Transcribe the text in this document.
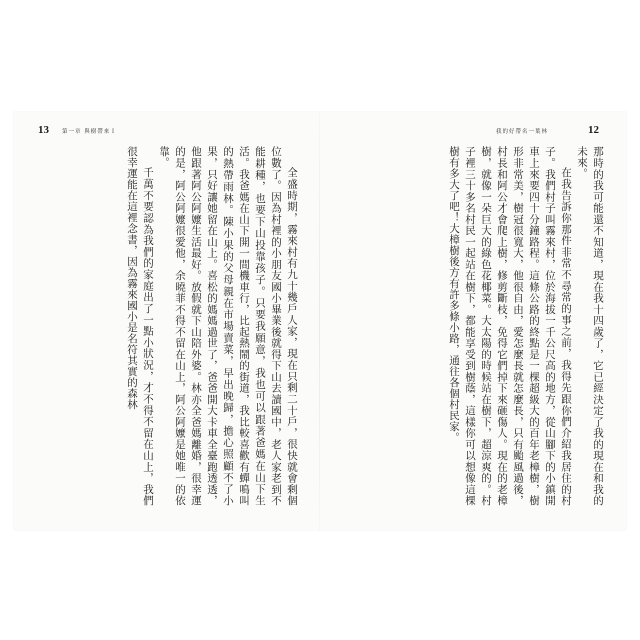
13 第一章 與樹帶來Ｉ

全盛時期，霧來村有九十幾戶人家，現在只剩二十戶，很快就會剩個位數了。因為村裡的小朋友國小畢業後就得下山去讀國中，老人家老到不能耕種，也要下山投靠孩子。只要我願意，我也可以跟著爸媽在山下生活。我爸媽在山下開一間機車行，比起熱鬧的街道，我比較喜歡有蟬鳴叫的熱帶雨林。陳小果的父母親在市場賣菜，早出晚歸，擔心照顧不了小果，只好讓她留在山上。喜松的媽媽過世了，爸爸開大卡車全臺跑透透，他跟著阿公阿嬤生活最好。放假就下山陪外婆。林亦全爸媽離婚，很幸運的是，阿公阿嬤很愛他，余曉菲不得不留在山上，阿公阿嬤是她唯一的依靠。

千萬不要認為我們的家庭出了一點小狀況，才不得不留在山上，我們很幸運能在這裡念書，因為霧來國小是名符其實的森林

我的好帶名一葉林	12

那時的我可能還不知道，現在我十四歲了，它已經決定了我的現在和我的未來。

在我告訴你那件非常不尋常的事之前，我得先跟你們介紹我居住的村子。我們村子叫霧來村，位於海拔一千公尺高的地方，從山腳下的小鎮開車上來要四十分鐘路程。這條公路的終點是一棵超級大的百年老樟樹，樹形非常美，樹冠很寬大，他很自由，愛怎麼長就怎麼長，只有颱風過後，村長和阿公才會爬上樹，修剪斷枝，免得它們掉下來砸傷人。現在的老樟樹，就像一朵巨大的綠色花椰菜。大太陽的時候站在樹下，超涼爽的。村子裡三十多名村民一起站在樹下，都能享受到樹蔭，這樣你可以想像這棵樹有多大了吧！大樟樹後方有許多條小路，通往各個村民家。
